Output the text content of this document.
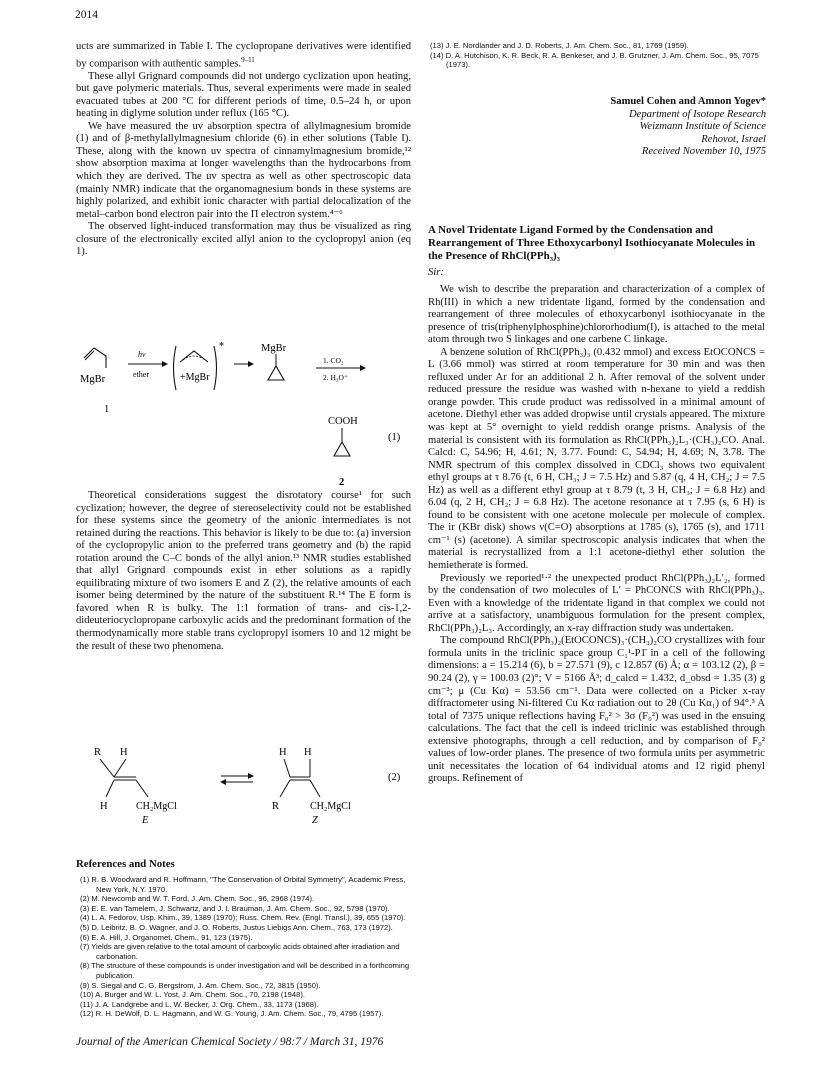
2014

ucts are summarized in Table I. The cyclopropane derivatives were identified by comparison with authentic samples.$^{9-11}$

These allyl Grignard compounds did not undergo cyclization upon heating, but gave polymeric materials. Thus, several experiments were made in sealed evacuated tubes at 200 °C for different periods of time, 0.5–24 h, or upon heating in diglyme solution under reflux (165 °C).

We have measured the uv absorption spectra of allylmagnesium bromide (1) and of β-methylallylmagnesium chloride (6) in ether solutions (Table I). These, along with the known uv spectra of cinnamylmagnesium bromide,¹² show absorption maxima at longer wavelengths than the hydrocarbons from which they are derived. The uv spectra as well as other spectroscopic data (mainly NMR) indicate that the organomagnesium bonds in these systems are highly polarized, and exhibit ionic character with partial delocalization of the metal–carbon bond electron pair into the Π electron system.⁴⁻⁶

The observed light-induced transformation may thus be visualized as ring closure of the electronically excited allyl anion to the cyclopropyl anion (eq 1).

MgBr
1
hν
ether	+MgBr
*	MgBr
1. CO₂
2. H₃O⁺
COOH
(1)
2

Theoretical considerations suggest the disrotatory course¹ for such cyclization; however, the degree of stereoselectivity could not be established for these systems since the geometry of the anionic intermediates is not retained during the reactions. This behavior is likely to be due to: (a) inversion of the cyclopropylic anion to the preferred trans geometry and (b) the rapid rotation around the C–C bonds of the allyl anion.¹³ NMR studies established that allyl Grignard compounds exist in ether solutions as a rapidly equilibrating mixture of two isomers E and Z (2), the relative amounts of each isomer being determined by the nature of the substituent R.¹⁴ The E form is favored when R is bulky. The 1:1 formation of trans- and cis-1,2-dideuteriocyclopropane carboxylic acids and the predominant formation of the thermodynamically more stable trans cyclopropyl isomers 10 and 12 might be the result of these two phenomena.

R H
H	CH₂MgCl
E
H H
R	CH₂MgCl
Z
(2)
References and Notes
(1) R. B. Woodward and R. Hoffmann, "The Conservation of Orbital Symmetry", Academic Press, New York, N.Y. 1970.
(2) M. Newcomb and W. T. Ford, J. Am. Chem. Soc., 96, 2968 (1974).
(3) E. E. van Tamelem, J. Schwartz, and J. I. Brauman, J. Am. Chem. Soc., 92, 5798 (1970).
(4) L. A. Fedorov, Usp. Khim., 39, 1389 (1970); Russ. Chem. Rev. (Engl. Transl.), 39, 655 (1970).
(5) D. Leibritz, B. O. Wagner, and J. O. Roberts, Justus Liebigs Ann. Chem., 763, 173 (1972).
(6) E. A. Hill, J. Organomet. Chem., 91, 123 (1975).
(7) Yields are given relative to the total amount of carboxylic acids obtained after irradiation and carbonation.
(8) The structure of these compounds is under investigation and will be described in a forthcoming publication.
(9) S. Siegal and C. G. Bergstrom, J. Am. Chem. Soc., 72, 3815 (1950).
(10) A. Burger and W. L. Yost, J. Am. Chem. Soc., 70, 2198 (1948).
(11) J. A. Landgrebe and L. W. Becker, J. Org. Chem., 33, 1173 (1968).
(12) R. H. DeWolf, D. L. Hagmann, and W. G. Young, J. Am. Chem. Soc., 79, 4795 (1957).
(13) J. E. Nordlander and J. D. Roberts, J. Am. Chem. Soc., 81, 1769 (1959).
(14) D. A. Hutchison, K. R. Beck, R. A. Benkeser, and J. B. Grutzner, J. Am. Chem. Soc., 95, 7075 (1973).
Samuel Cohen and Amnon Yogev*
Department of Isotope Research
Weizmann Institute of Science
Rehovot, Israel
Received November 10, 1975
A Novel Tridentate Ligand Formed by the Condensation and Rearrangement of Three Ethoxycarbonyl Isothiocyanate Molecules in the Presence of RhCl(PPh₃)₃
Sir:

We wish to describe the preparation and characterization of a complex of Rh(III) in which a new tridentate ligand, formed by the condensation and rearrangement of three molecules of ethoxycarbonyl isothiocyanate in the presence of tris(triphenylphosphine)chlororhodium(I), is attached to the metal atom through two S linkages and one carbene C linkage.

A benzene solution of RhCl(PPh₃)₃ (0.432 mmol) and excess EtOCONCS = L (3.66 mmol) was stirred at room temperature for 30 min and was then refluxed under Ar for an additional 2 h. After removal of the solvent under reduced pressure the residue was washed with n-hexane to yield a reddish orange powder. This crude product was redissolved in a minimal amount of acetone. Diethyl ether was added dropwise until crystals appeared. The mixture was kept at 5° overnight to yield reddish orange prisms. Analysis of the material is consistent with its formulation as RhCl(PPh₃)₂L₃·(CH₃)₂CO. Anal. Calcd: C, 54.96; H, 4.61; N, 3.77. Found: C, 54.94; H, 4.69; N, 3.78. The NMR spectrum of this complex dissolved in CDCl₃ shows two equivalent ethyl groups at τ 8.76 (t, 6 H, CH₃; J = 7.5 Hz) and 5.87 (q, 4 H, CH₂; J = 7.5 Hz) as well as a different ethyl group at τ 8.79 (t, 3 H, CH₃; J = 6.8 Hz) and 6.04 (q, 2 H, CH₂; J = 6.8 Hz). The acetone resonance at τ 7.95 (s, 6 H) is found to be consistent with one acetone molecule per molecule of complex. The ir (KBr disk) shows ν(C=O) absorptions at 1785 (s), 1765 (s), and 1711 cm⁻¹ (s) (acetone). A similar spectroscopic analysis indicates that when the material is recrystallized from a 1:1 acetone-diethyl ether solution the hemietherate is formed.

Previously we reported¹·² the unexpected product RhCl(PPh₃)₂L′₂, formed by the condensation of two molecules of L′ = PhCONCS with RhCl(PPh₃)₃. Even with a knowledge of the tridentate ligand in that complex we could not arrive at a satisfactory, unambiguous formulation for the present complex, RhCl(PPh₃)₂L₃. Accordingly, an x-ray diffraction study was undertaken.

The compound RhCl(PPh₃)₂(EtOCONCS)₃·(CH₃)₂CO crystallizes with four formula units in the triclinic space group C₁¹-P1̄ in a cell of the following dimensions: a = 15.214 (6), b = 27.571 (9), c 12.857 (6) Å; α = 103.12 (2), β = 90.24 (2), γ = 100.03 (2)°; V = 5166 Å³; d_calcd = 1.432, d_obsd = 1.35 (3) g cm⁻³; μ (Cu Kα) = 53.56 cm⁻¹. Data were collected on a Picker x-ray diffractometer using Ni-filtered Cu Kα radiation out to 2θ (Cu Kα₁) of 94°.³ A total of 7375 unique reflections having F₀² > 3σ (F₀²) was used in the ensuing calculations. The fact that the cell is indeed triclinic was established through extensive photographs, through a cell reduction, and by comparison of F₀² values of low-order planes. The presence of two formula units per asymmetric unit necessitates the location of 64 individual atoms and 12 rigid phenyl groups. Refinement of

Journal of the American Chemical Society / 98:7 / March 31, 1976
